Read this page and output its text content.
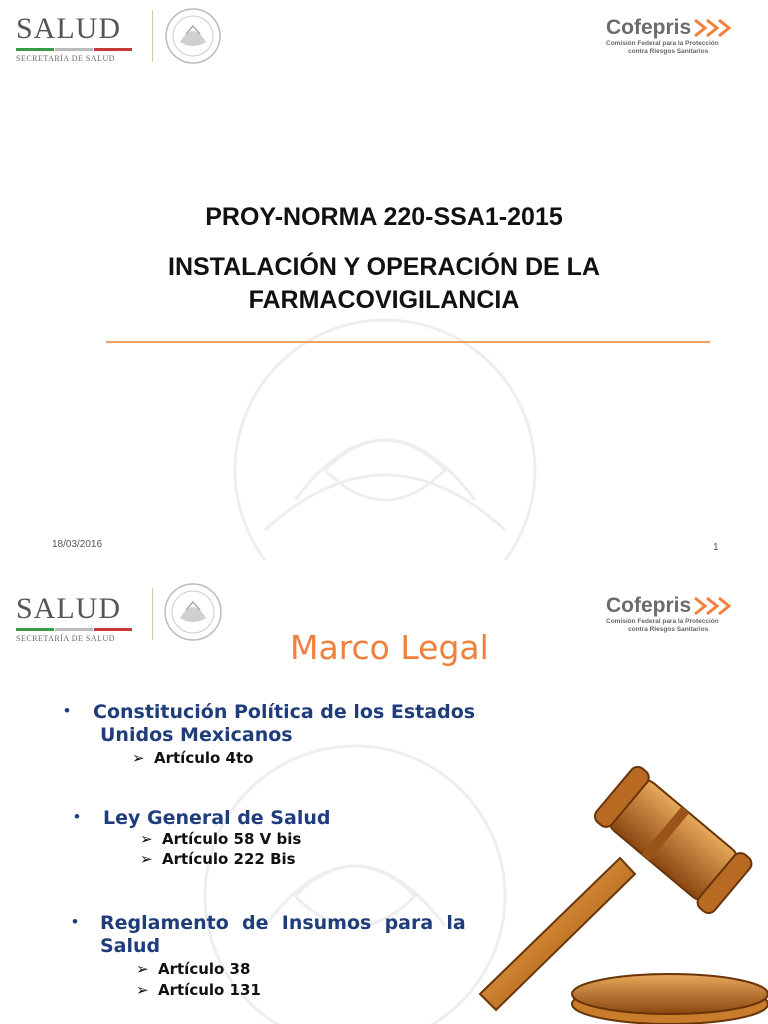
SALUD
SECRETARÍA DE SALUD
Cofepris
Comisión Federal para la Protección
contra Riesgos Sanitarios
PROY-NORMA 220-SSA1-2015
INSTALACIÓN Y OPERACIÓN DE LA
FARMACOVIGILANCIA
18/03/2016	1
SALUD
SECRETARÍA DE SALUD
Cofepris
Comisión Federal para la Protección
contra Riesgos Sanitarios
Marco Legal
• Constitución Política de los Estados
Unidos Mexicanos
➢ Artículo 4to
• Ley General de Salud
➢ Artículo 58 V bis
➢ Artículo 222 Bis
• Reglamento  de  Insumos  para  la
Salud
➢ Artículo 38
➢ Artículo 131
